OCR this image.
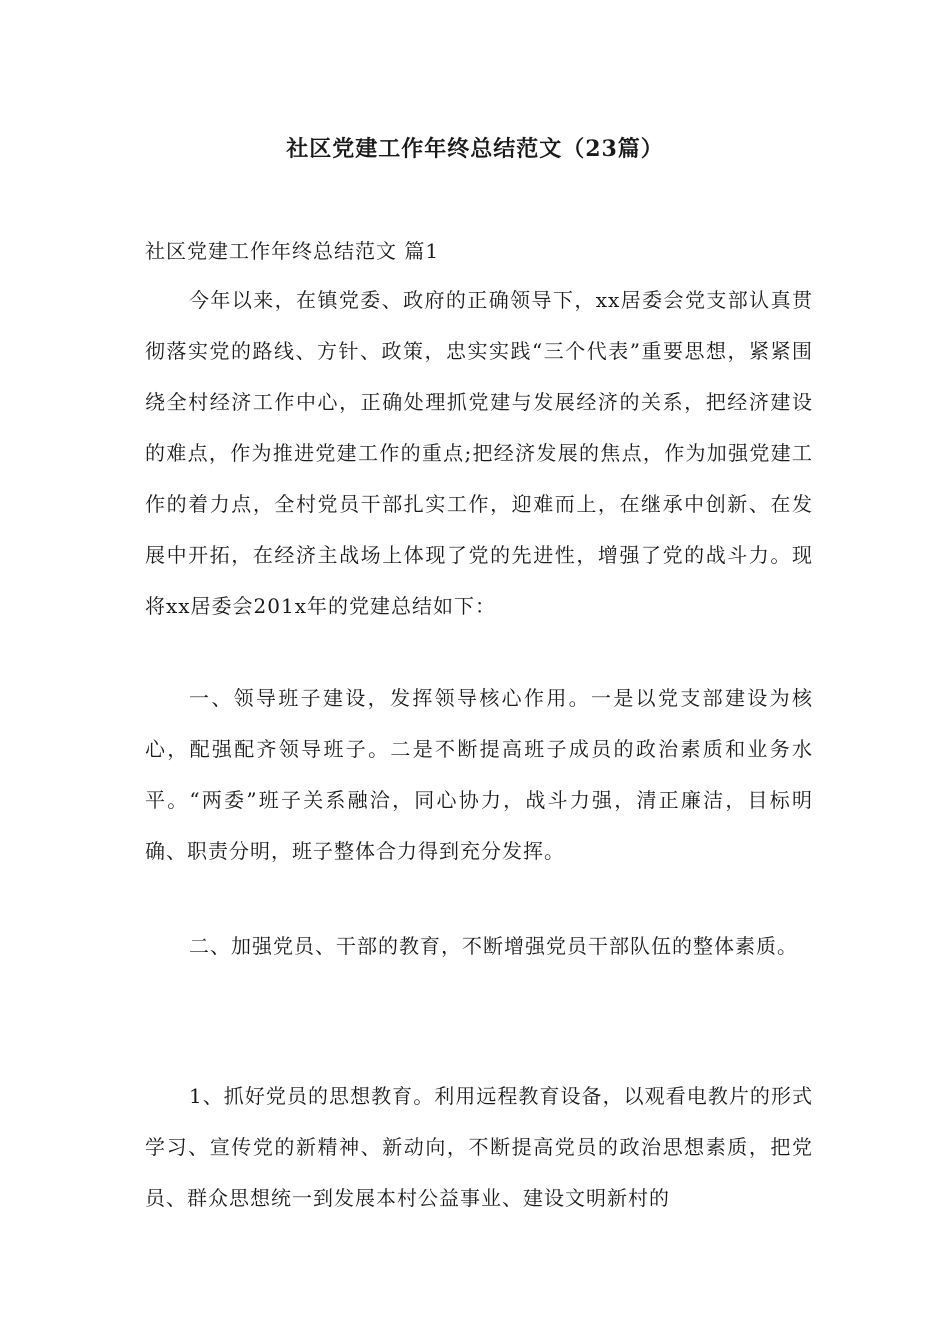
社区党建工作年终总结范文（23篇）

社区党建工作年终总结范文 篇1

今年以来，在镇党委、政府的正确领导下，xx居委会党支部认真贯彻落实党的路线、方针、政策，忠实实践“三个代表”重要思想，紧紧围绕全村经济工作中心，正确处理抓党建与发展经济的关系，把经济建设的难点，作为推进党建工作的重点;把经济发展的焦点，作为加强党建工作的着力点，全村党员干部扎实工作，迎难而上，在继承中创新、在发展中开拓，在经济主战场上体现了党的先进性，增强了党的战斗力。现将xx居委会201x年的党建总结如下：

一、领导班子建设，发挥领导核心作用。一是以党支部建设为核心，配强配齐领导班子。二是不断提高班子成员的政治素质和业务水平。“两委”班子关系融洽，同心协力，战斗力强，清正廉洁，目标明确、职责分明，班子整体合力得到充分发挥。

二、加强党员、干部的教育，不断增强党员干部队伍的整体素质。

1、抓好党员的思想教育。利用远程教育设备，以观看电教片的形式学习、宣传党的新精神、新动向，不断提高党员的政治思想素质，把党员、群众思想统一到发展本村公益事业、建设文明新村的
